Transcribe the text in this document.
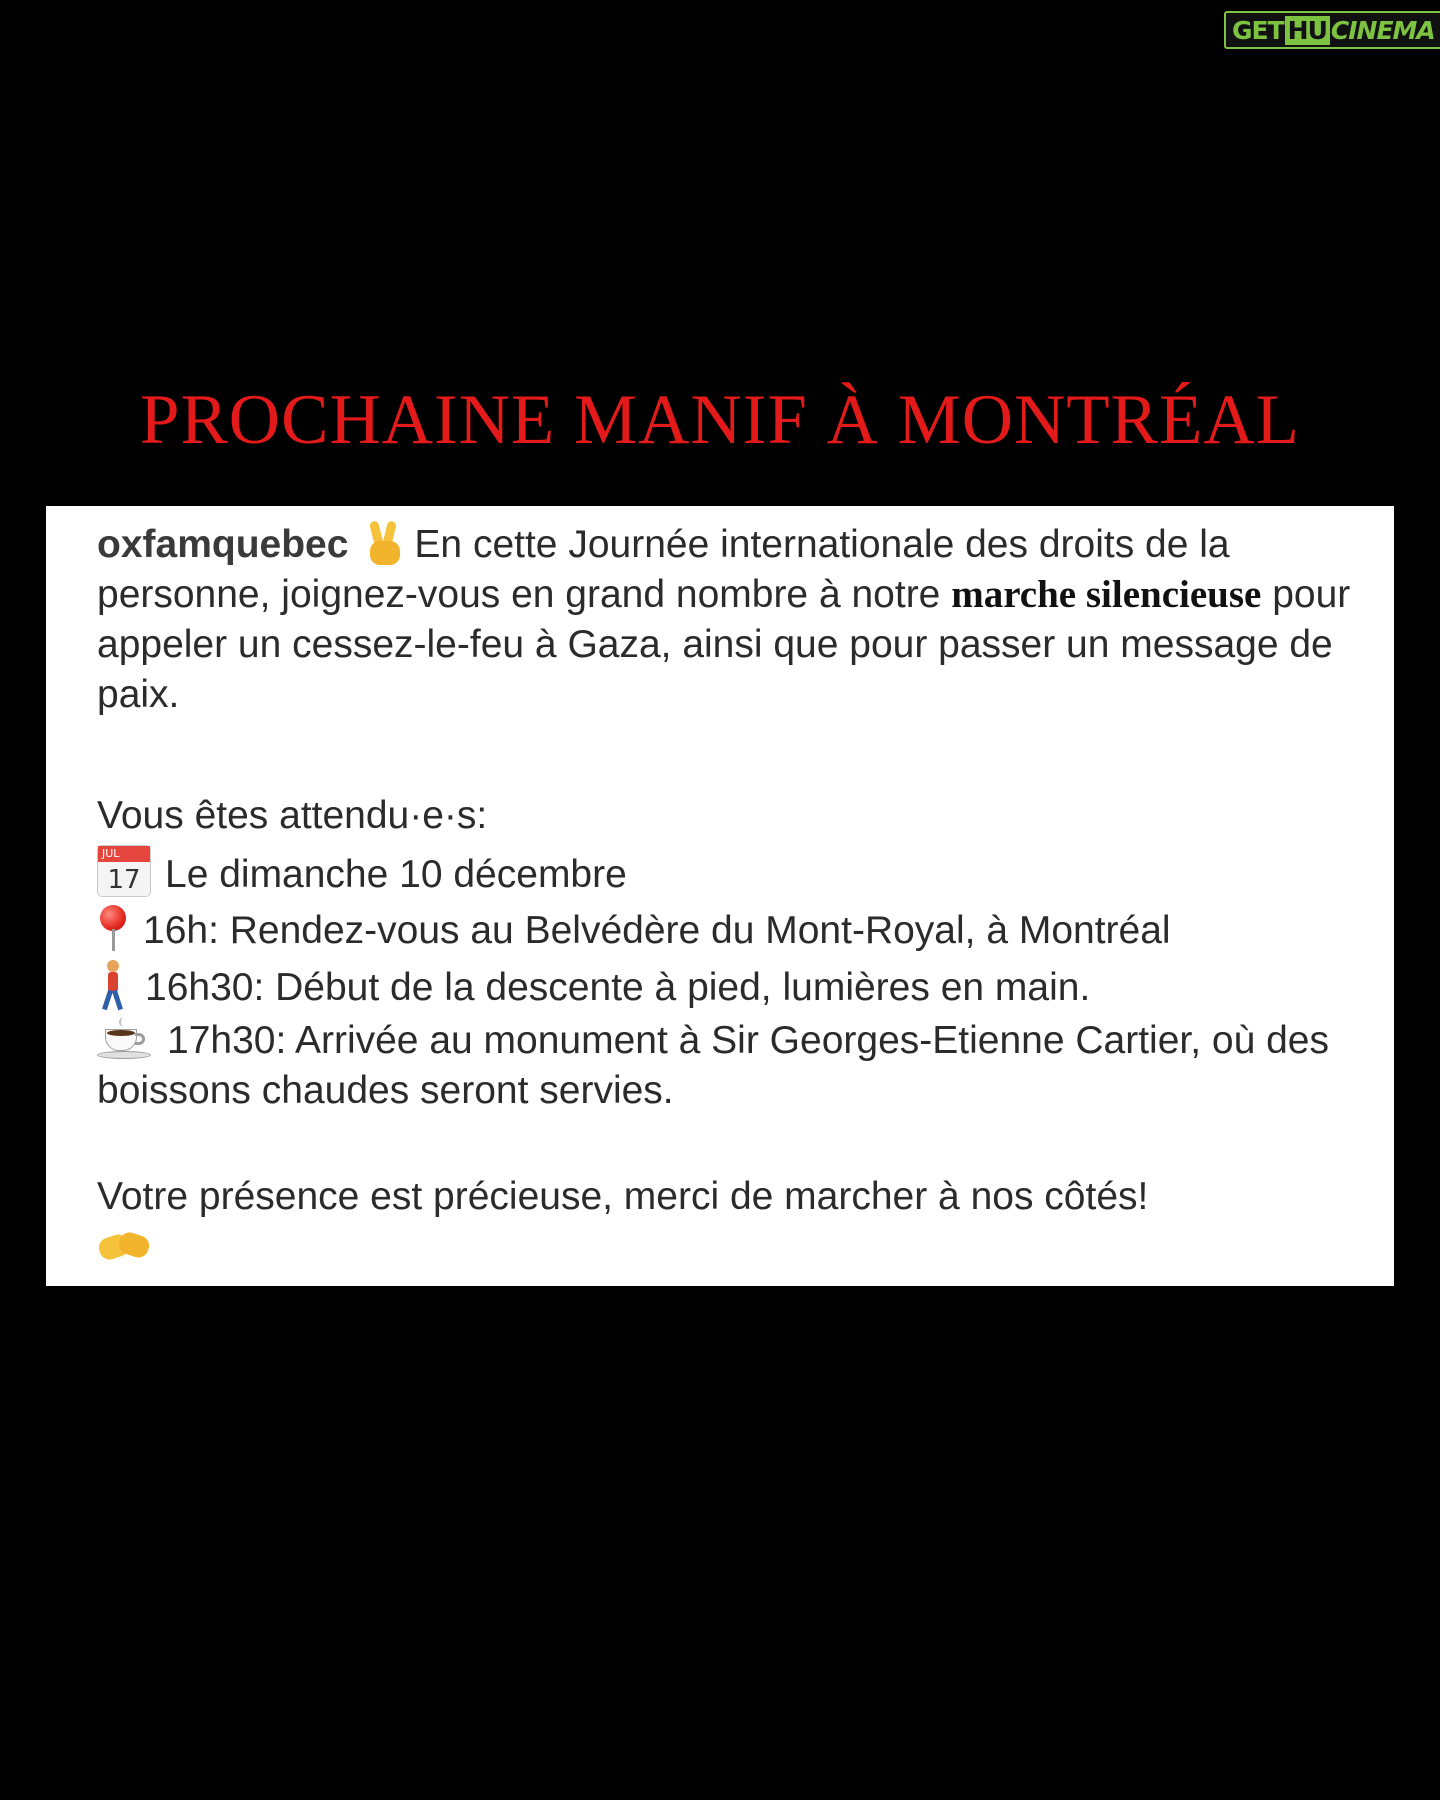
GET HU CINEMA
PROCHAINE MANIF À MONTRÉAL

oxfamquebec En cette Journée internationale des droits de la personne, joignez-vous en grand nombre à notre marche silencieuse pour appeler un cessez-le-feu à Gaza, ainsi que pour passer un message de paix.

Vous êtes attendu·e·s:

JUL
17 Le dimanche 10 décembre

16h: Rendez-vous au Belvédère du Mont-Royal, à Montréal

16h30: Début de la descente à pied, lumières en main.

17h30: Arrivée au monument à Sir Georges-Etienne Cartier, où des boissons chaudes seront servies.

Votre présence est précieuse, merci de marcher à nos côtés!
